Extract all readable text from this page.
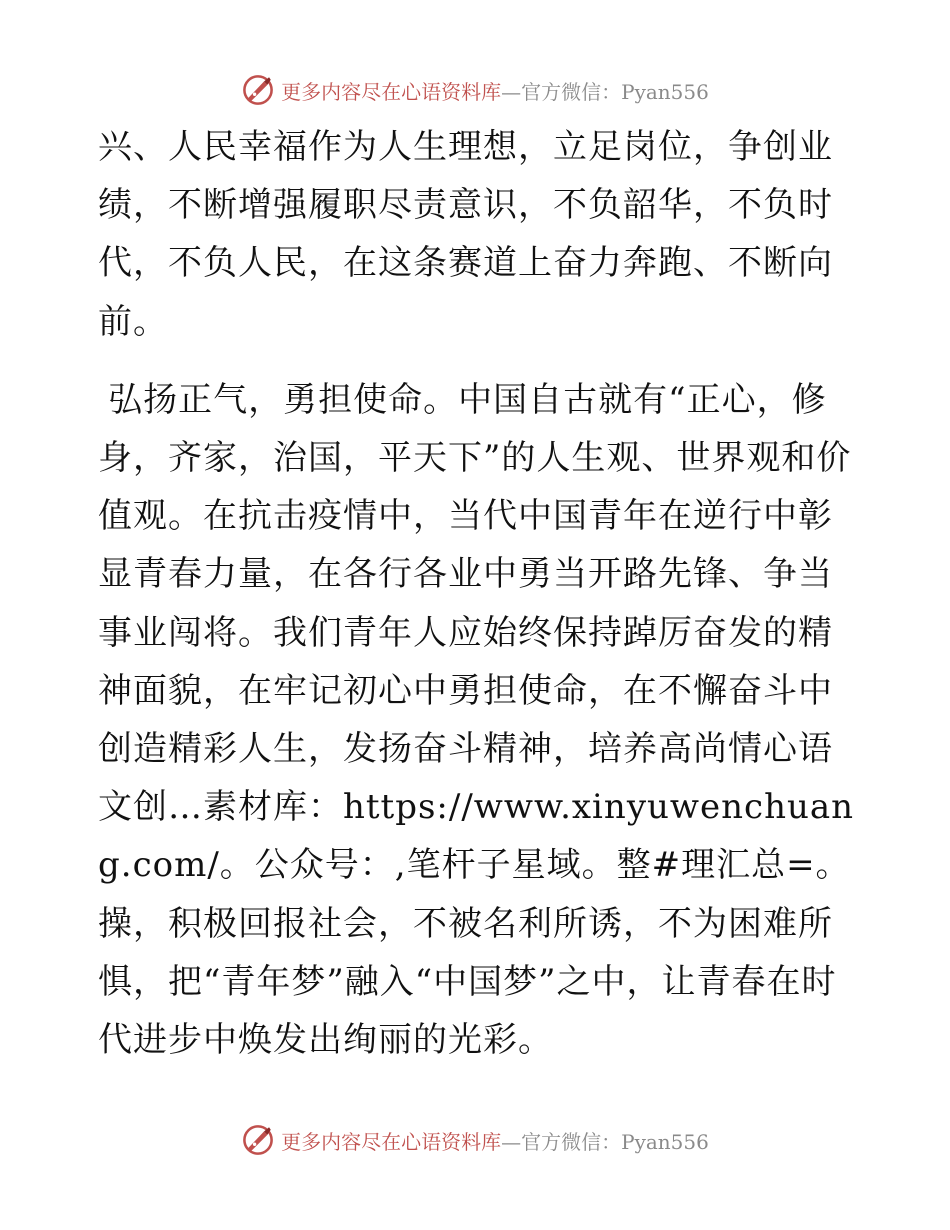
更多内容尽在心语资料库—官方微信：Pyan556

兴、人民幸福作为人生理想，立足岗位，争创业绩，不断增强履职尽责意识，不负韶华，不负时代，不负人民，在这条赛道上奋力奔跑、不断向前。

弘扬正气，勇担使命。中国自古就有“正心，修身，齐家，治国，平天下”的人生观、世界观和价值观。在抗击疫情中，当代中国青年在逆行中彰显青春力量，在各行各业中勇当开路先锋、争当事业闯将。我们青年人应始终保持踔厉奋发的精神面貌，在牢记初心中勇担使命，在不懈奋斗中创造精彩人生，发扬奋斗精神，培养高尚情心语文创…素材库：https://www.xinyuwenchuang.com/。公众号：,笔杆子星域。整#理汇总=。操，积极回报社会，不被名利所诱，不为困难所惧，把“青年梦”融入“中国梦”之中，让青春在时代进步中焕发出绚丽的光彩。

更多内容尽在心语资料库—官方微信：Pyan556
